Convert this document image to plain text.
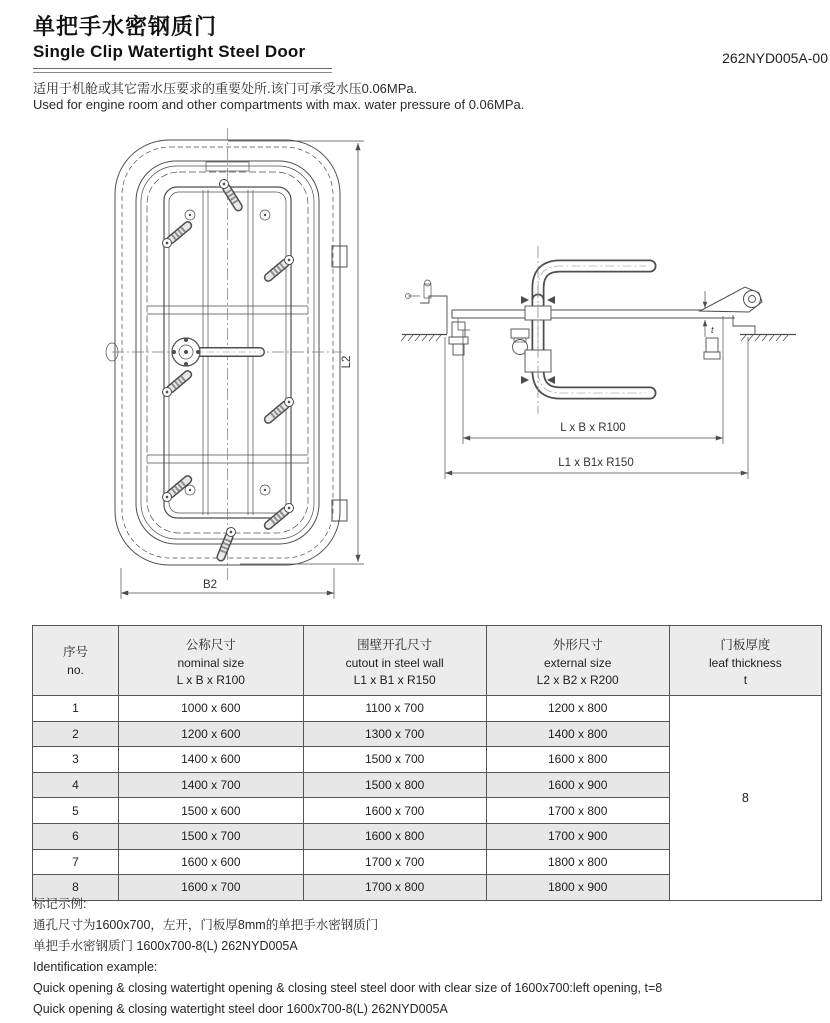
单把手水密钢质门
Single Clip Watertight Steel Door	262NYD005A-00
适用于机舱或其它需水压要求的重要处所.该门可承受水压0.06MPa.
Used for engine room and other compartments with max. water pressure of 0.06MPa.
L2
B2
t
L x B x R100
L1 x B1x R150
序号
no.

公称尺寸
nominal size
L x B x R100

围壁开孔尺寸
cutout in steel wall
L1 x B1 x R150

外形尺寸
external size
L2 x B2 x R200

门板厚度
leaf thickness
t

1	1000 x 600	1100 x 700	1200 x 800	8
2	1200 x 600	1300 x 700	1400 x 800	
3	1400 x 600	1500 x 700	1600 x 800	
4	1400 x 700	1500 x 800	1600 x 900	
5	1500 x 600	1600 x 700	1700 x 800	
6	1500 x 700	1600 x 800	1700 x 900	
7	1600 x 600	1700 x 700	1800 x 800	
8	1600 x 700	1700 x 800	1800 x 900	

标记示例:

通孔尺寸为1600x700，左开，门板厚8mm的单把手水密钢质门

单把手水密钢质门 1600x700-8(L) 262NYD005A

Identification example:

Quick opening & closing watertight opening & closing steel steel door with clear size of 1600x700:left opening, t=8

Quick opening & closing watertight steel door 1600x700-8(L) 262NYD005A
